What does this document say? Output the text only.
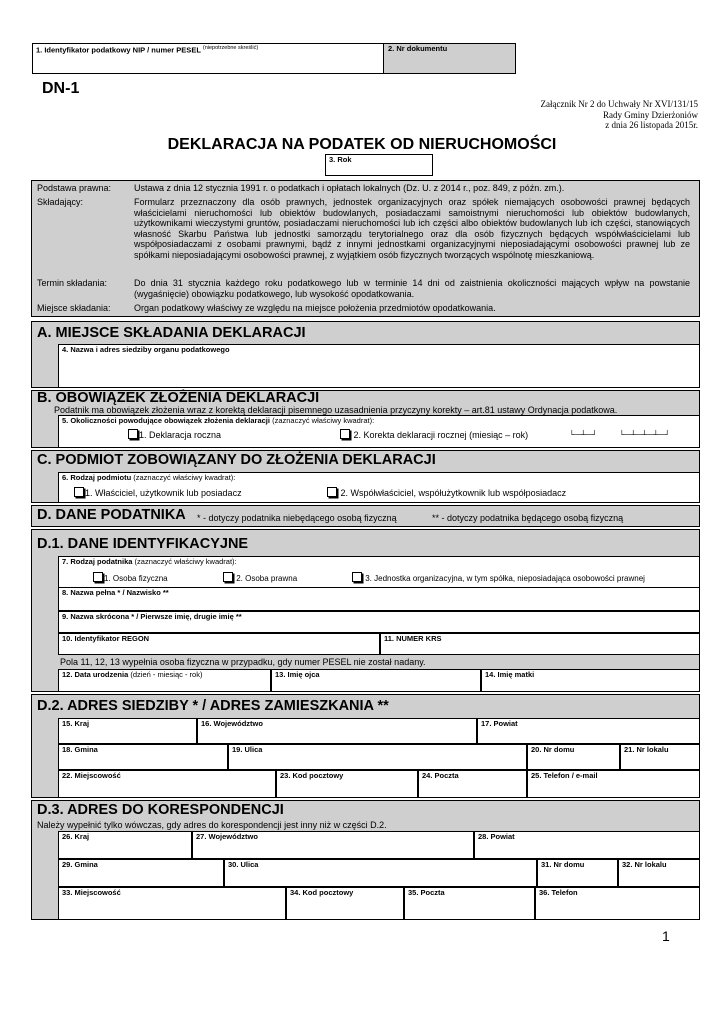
1. Identyfikator podatkowy NIP / numer PESEL $^{(niepotrzebne skreślić)}$	2. Nr dokumentu
DN-1
Załącznik Nr 2 do Uchwały Nr XVI/131/15
Rady Gminy Dzierżoniów
z dnia 26 listopada 2015r.
DEKLARACJA NA PODATEK OD NIERUCHOMOŚCI
3. Rok
Podstawa prawna:	Ustawa z dnia 12 stycznia 1991 r. o podatkach i opłatach lokalnych (Dz. U. z 2014 r., poz. 849, z późn. zm.).
Składający:	Formularz przeznaczony dla osób prawnych, jednostek organizacyjnych oraz spółek niemających osobowości prawnej będących właścicielami nieruchomości lub obiektów budowlanych, posiadaczami samoistnymi nieruchomości lub obiektów budowlanych, użytkownikami wieczystymi gruntów, posiadaczami nieruchomości lub ich części albo obiektów budowlanych lub ich części, stanowiących własność Skarbu Państwa lub jednostki samorządu terytorialnego oraz dla osób fizycznych będących współwłaścicielami lub współposiadaczami z osobami prawnymi, bądź z innymi jednostkami organizacyjnymi nieposiadającymi osobowości prawnej lub ze spółkami nieposiadającymi osobowości prawnej, z wyjątkiem osób fizycznych tworzących wspólnotę mieszkaniową.
Termin składania:	Do dnia 31 stycznia każdego roku podatkowego lub w terminie 14 dni od zaistnienia okoliczności mających wpływ na powstanie (wygaśnięcie) obowiązku podatkowego, lub wysokość opodatkowania.
Miejsce składania:	Organ podatkowy właściwy ze względu na miejsce położenia przedmiotów opodatkowania.
A. MIEJSCE SKŁADANIA DEKLARACJI
4. Nazwa i adres siedziby organu podatkowego
B. OBOWIĄZEK ZŁOŻENIA DEKLARACJI
Podatnik ma obowiązek złożenia wraz z korektą deklaracji pisemnego uzasadnienia przyczyny korekty – art.81 ustawy Ordynacja podatkowa.
5. Okoliczności powodujące obowiązek złożenia deklaracji (zaznaczyć właściwy kwadrat):
1. Deklaracja roczna	2. Korekta deklaracji rocznej (miesiąc – rok)	└─┴─┘	└─┴─┴─┴─┘
C. PODMIOT ZOBOWIĄZANY DO ZŁOŻENIA DEKLARACJI
6. Rodzaj podmiotu (zaznaczyć właściwy kwadrat):
1. Właściciel, użytkownik lub posiadacz	2. Współwłaściciel, współużytkownik lub współposiadacz
D. DANE PODATNIKA * - dotyczy podatnika niebędącego osobą fizyczną	** - dotyczy podatnika będącego osobą fizyczną
D.1. DANE IDENTYFIKACYJNE
7. Rodzaj podatnika (zaznaczyć właściwy kwadrat):
1. Osoba fizyczna	2. Osoba prawna	3. Jednostka organizacyjna, w tym spółka, nieposiadająca osobowości prawnej
8. Nazwa pełna * / Nazwisko **
9. Nazwa skrócona * / Pierwsze imię, drugie imię **
10. Identyfikator REGON	11. NUMER KRS
Pola 11, 12, 13 wypełnia osoba fizyczna w przypadku, gdy numer PESEL nie został nadany.
12. Data urodzenia (dzień - miesiąc - rok)	13. Imię ojca	14. Imię matki
D.2. ADRES SIEDZIBY * / ADRES ZAMIESZKANIA **
15. Kraj	16. Województwo	17. Powiat
18. Gmina	19. Ulica	20. Nr domu	21. Nr lokalu
22. Miejscowość	23. Kod pocztowy	24. Poczta	25. Telefon / e-mail
D.3. ADRES DO KORESPONDENCJI
Należy wypełnić tylko wówczas, gdy adres do korespondencji jest inny niż w części D.2.
26. Kraj	27. Województwo	28. Powiat
29. Gmina	30. Ulica	31. Nr domu	32. Nr lokalu
33. Miejscowość	34. Kod pocztowy	35. Poczta	36. Telefon
1
